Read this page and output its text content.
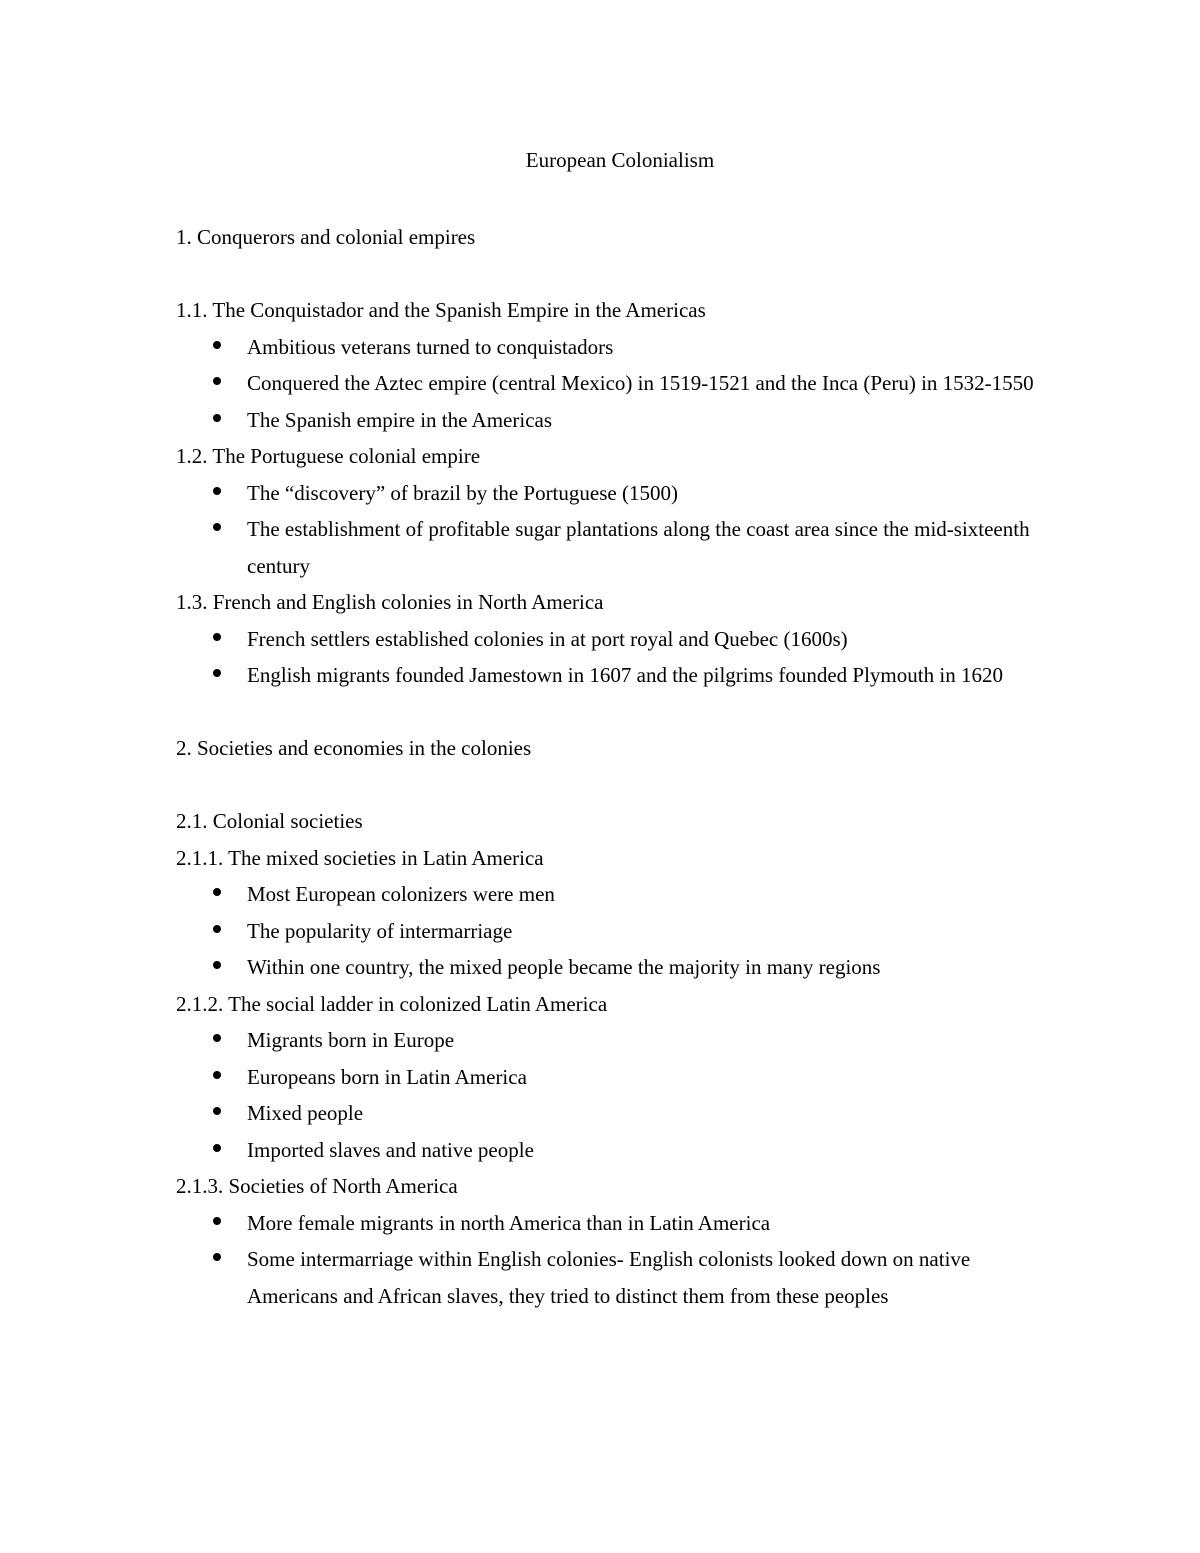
European Colonialism

1. Conquerors and colonial empires

1.1. The Conquistador and the Spanish Empire in the Americas

Ambitious veterans turned to conquistadors
Conquered the Aztec empire (central Mexico) in 1519-1521 and the Inca (Peru) in 1532-1550
The Spanish empire in the Americas

1.2. The Portuguese colonial empire

The “discovery” of brazil by the Portuguese (1500)
The establishment of profitable sugar plantations along the coast area since the mid-sixteenth century

1.3. French and English colonies in North America

French settlers established colonies in at port royal and Quebec (1600s)
English migrants founded Jamestown in 1607 and the pilgrims founded Plymouth in 1620

2. Societies and economies in the colonies

2.1. Colonial societies

2.1.1. The mixed societies in Latin America

Most European colonizers were men
The popularity of intermarriage
Within one country, the mixed people became the majority in many regions

2.1.2. The social ladder in colonized Latin America

Migrants born in Europe
Europeans born in Latin America
Mixed people
Imported slaves and native people

2.1.3. Societies of North America

More female migrants in north America than in Latin America
Some intermarriage within English colonies- English colonists looked down on native Americans and African slaves, they tried to distinct them from these peoples
